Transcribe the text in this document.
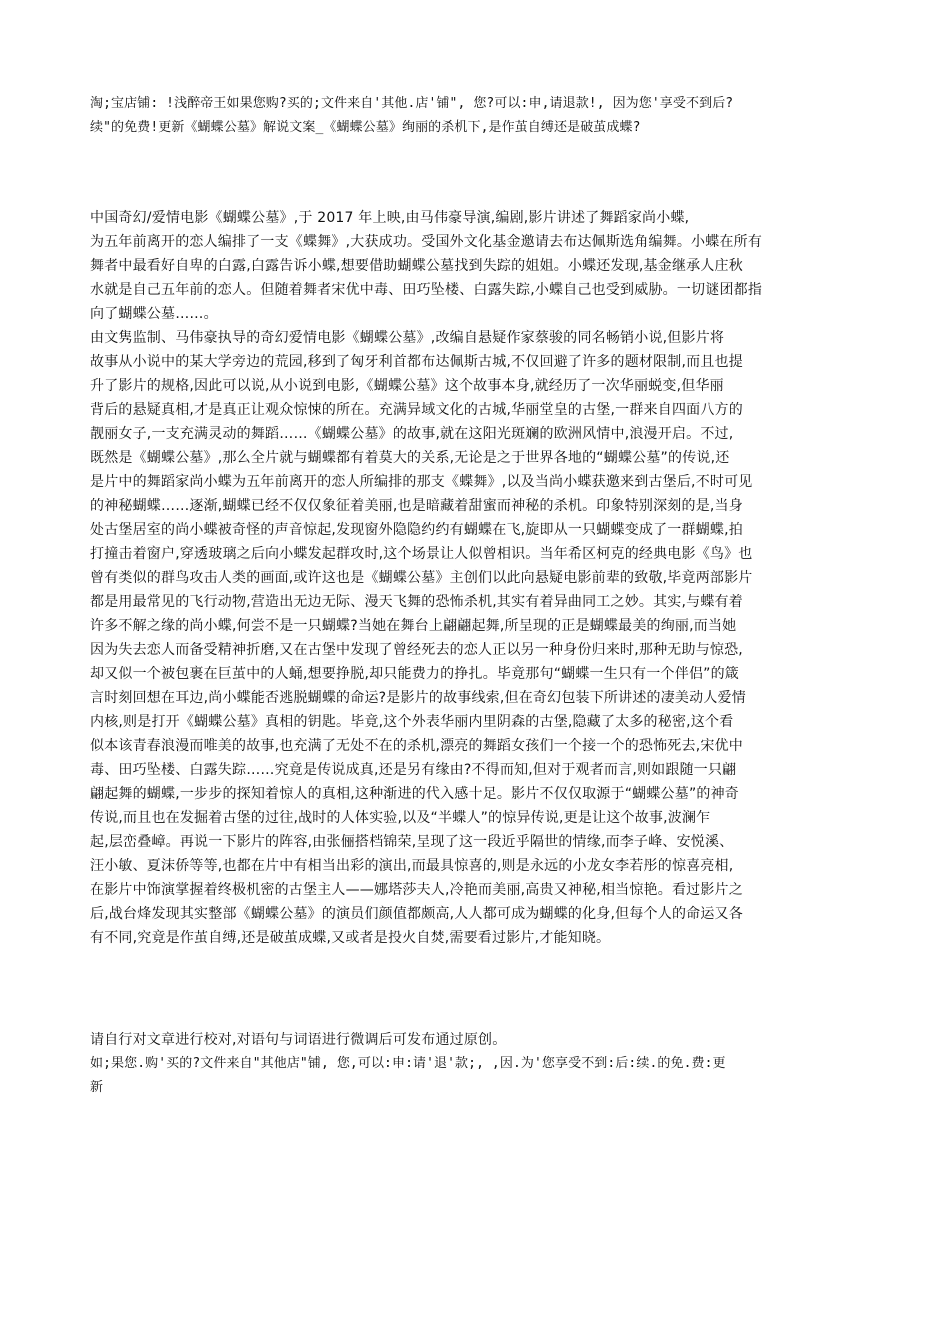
淘;宝店铺: !浅醉帝王如果您购?买的;文件来自'其他.店'铺", 您?可以:申,请退款!, 因为您'享受不到后?
续"的免费!更新《蝴蝶公墓》解说文案_《蝴蝶公墓》绚丽的杀机下,是作茧自缚还是破茧成蝶?
中国奇幻/爱情电影《蝴蝶公墓》,于 2017 年上映,由马伟豪导演,编剧,影片讲述了舞蹈家尚小蝶,
为五年前离开的恋人编排了一支《蝶舞》,大获成功。受国外文化基金邀请去布达佩斯选角编舞。小蝶在所有
舞者中最看好自卑的白露,白露告诉小蝶,想要借助蝴蝶公墓找到失踪的姐姐。小蝶还发现,基金继承人庄秋
水就是自己五年前的恋人。但随着舞者宋优中毒、田巧坠楼、白露失踪,小蝶自己也受到威胁。一切谜团都指
向了蝴蝶公墓……。
由文隽监制、马伟豪执导的奇幻爱情电影《蝴蝶公墓》,改编自悬疑作家蔡骏的同名畅销小说,但影片将
故事从小说中的某大学旁边的荒园,移到了匈牙利首都布达佩斯古城,不仅回避了许多的题材限制,而且也提
升了影片的规格,因此可以说,从小说到电影,《蝴蝶公墓》这个故事本身,就经历了一次华丽蜕变,但华丽
背后的悬疑真相,才是真正让观众惊悚的所在。充满异域文化的古城,华丽堂皇的古堡,一群来自四面八方的
靓丽女子,一支充满灵动的舞蹈……《蝴蝶公墓》的故事,就在这阳光斑斓的欧洲风情中,浪漫开启。不过,
既然是《蝴蝶公墓》,那么全片就与蝴蝶都有着莫大的关系,无论是之于世界各地的“蝴蝶公墓”的传说,还
是片中的舞蹈家尚小蝶为五年前离开的恋人所编排的那支《蝶舞》,以及当尚小蝶获邀来到古堡后,不时可见
的神秘蝴蝶……逐渐,蝴蝶已经不仅仅象征着美丽,也是暗藏着甜蜜而神秘的杀机。印象特别深刻的是,当身
处古堡居室的尚小蝶被奇怪的声音惊起,发现窗外隐隐约约有蝴蝶在飞,旋即从一只蝴蝶变成了一群蝴蝶,拍
打撞击着窗户,穿透玻璃之后向小蝶发起群攻时,这个场景让人似曾相识。当年希区柯克的经典电影《鸟》也
曾有类似的群鸟攻击人类的画面,或许这也是《蝴蝶公墓》主创们以此向悬疑电影前辈的致敬,毕竟两部影片
都是用最常见的飞行动物,营造出无边无际、漫天飞舞的恐怖杀机,其实有着异曲同工之妙。其实,与蝶有着
许多不解之缘的尚小蝶,何尝不是一只蝴蝶?当她在舞台上翩翩起舞,所呈现的正是蝴蝶最美的绚丽,而当她
因为失去恋人而备受精神折磨,又在古堡中发现了曾经死去的恋人正以另一种身份归来时,那种无助与惊恐,
却又似一个被包裹在巨茧中的人蛹,想要挣脱,却只能费力的挣扎。毕竟那句“蝴蝶一生只有一个伴侣”的箴
言时刻回想在耳边,尚小蝶能否逃脱蝴蝶的命运?是影片的故事线索,但在奇幻包装下所讲述的凄美动人爱情
内核,则是打开《蝴蝶公墓》真相的钥匙。毕竟,这个外表华丽内里阴森的古堡,隐藏了太多的秘密,这个看
似本该青春浪漫而唯美的故事,也充满了无处不在的杀机,漂亮的舞蹈女孩们一个接一个的恐怖死去,宋优中
毒、田巧坠楼、白露失踪……究竟是传说成真,还是另有缘由?不得而知,但对于观者而言,则如跟随一只翩
翩起舞的蝴蝶,一步步的探知着惊人的真相,这种渐进的代入感十足。影片不仅仅取源于“蝴蝶公墓”的神奇
传说,而且也在发掘着古堡的过往,战时的人体实验,以及“半蝶人”的惊异传说,更是让这个故事,波澜乍
起,层峦叠嶂。再说一下影片的阵容,由张俪搭档锦荣,呈现了这一段近乎隔世的情缘,而李子峰、安悦溪、
汪小敏、夏沫侨等等,也都在片中有相当出彩的演出,而最具惊喜的,则是永远的小龙女李若彤的惊喜亮相,
在影片中饰演掌握着终极机密的古堡主人——娜塔莎夫人,冷艳而美丽,高贵又神秘,相当惊艳。看过影片之
后,战台烽发现其实整部《蝴蝶公墓》的演员们颜值都颇高,人人都可成为蝴蝶的化身,但每个人的命运又各
有不同,究竟是作茧自缚,还是破茧成蝶,又或者是投火自焚,需要看过影片,才能知晓。
请自行对文章进行校对,对语句与词语进行微调后可发布通过原创。
如;果您.购'买的?文件来自"其他店"铺, 您,可以:申:请'退'款;, ,因.为'您享受不到:后:续.的免.费:更
新
